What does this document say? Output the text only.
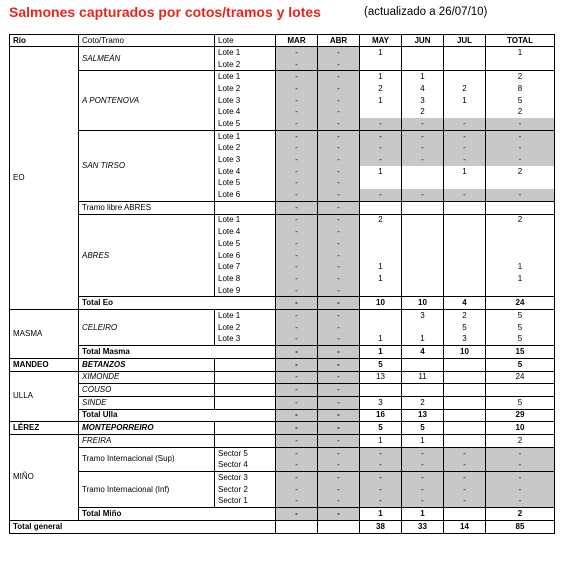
Salmones capturados por cotos/tramos y lotes	(actualizado a 26/07/10)
Río	Coto/Tramo	Lote	MAR	ABR	MAY	JUN	JUL	TOTAL
EO	SALMEÁN	Lote 1	-	-	1			1
		Lote 2	-	-				
	A PONTENOVA	Lote 1	-	-	1	1		2
		Lote 2	-	-	2	4	2	8
		Lote 3	-	-	1	3	1	5
		Lote 4	-	-		2		2
		Lote 5	-	-	-	-	-	-
	SAN TIRSO	Lote 1	-	-	-	-	-	-
		Lote 2	-	-	-	-	-	-
		Lote 3	-	-	-	-	-	-
		Lote 4	-	-	1		1	2
		Lote 5	-	-				
		Lote 6	-	-	-	-	-	-
	Tramo libre ABRES		-	-				
	ABRES	Lote 1	-	-	2			2
		Lote 4	-	-				
		Lote 5	-	-				
		Lote 6	-	-				
		Lote 7	-	-	1			1
		Lote 8	-	-	1			1
		Lote 9	-	-				
	Total Eo		-	-	10	10	4	24
MASMA	CELEIRO	Lote 1	-	-		3	2	5
		Lote 2	-	-			5	5
		Lote 3	-	-	1	1	3	5
	Total Masma		-	-	1	4	10	15
MANDEO	BETANZOS		-	-	5			5
ULLA	XIMONDE		-	-	13	11		24
	COUSO		-	-				
	SINDE		-	-	3	2		5
	Total Ulla		-	-	16	13		29
LÉREZ	MONTEPORREIRO		-	-	5	5		10
MIÑO	FREIRA		-	-	1	1		2
	Tramo Internacional (Sup)	Sector 5	-	-	-	-	-	-
		Sector 4	-	-	-	-	-	-
	Tramo Internacional (Inf)	Sector 3	-	-	-	-	-	-
		Sector 2	-	-	-	-	-	-
		Sector 1	-	-	-	-	-	-
	Total Miño		-	-	1	1		2
Total general					38	33	14	85
